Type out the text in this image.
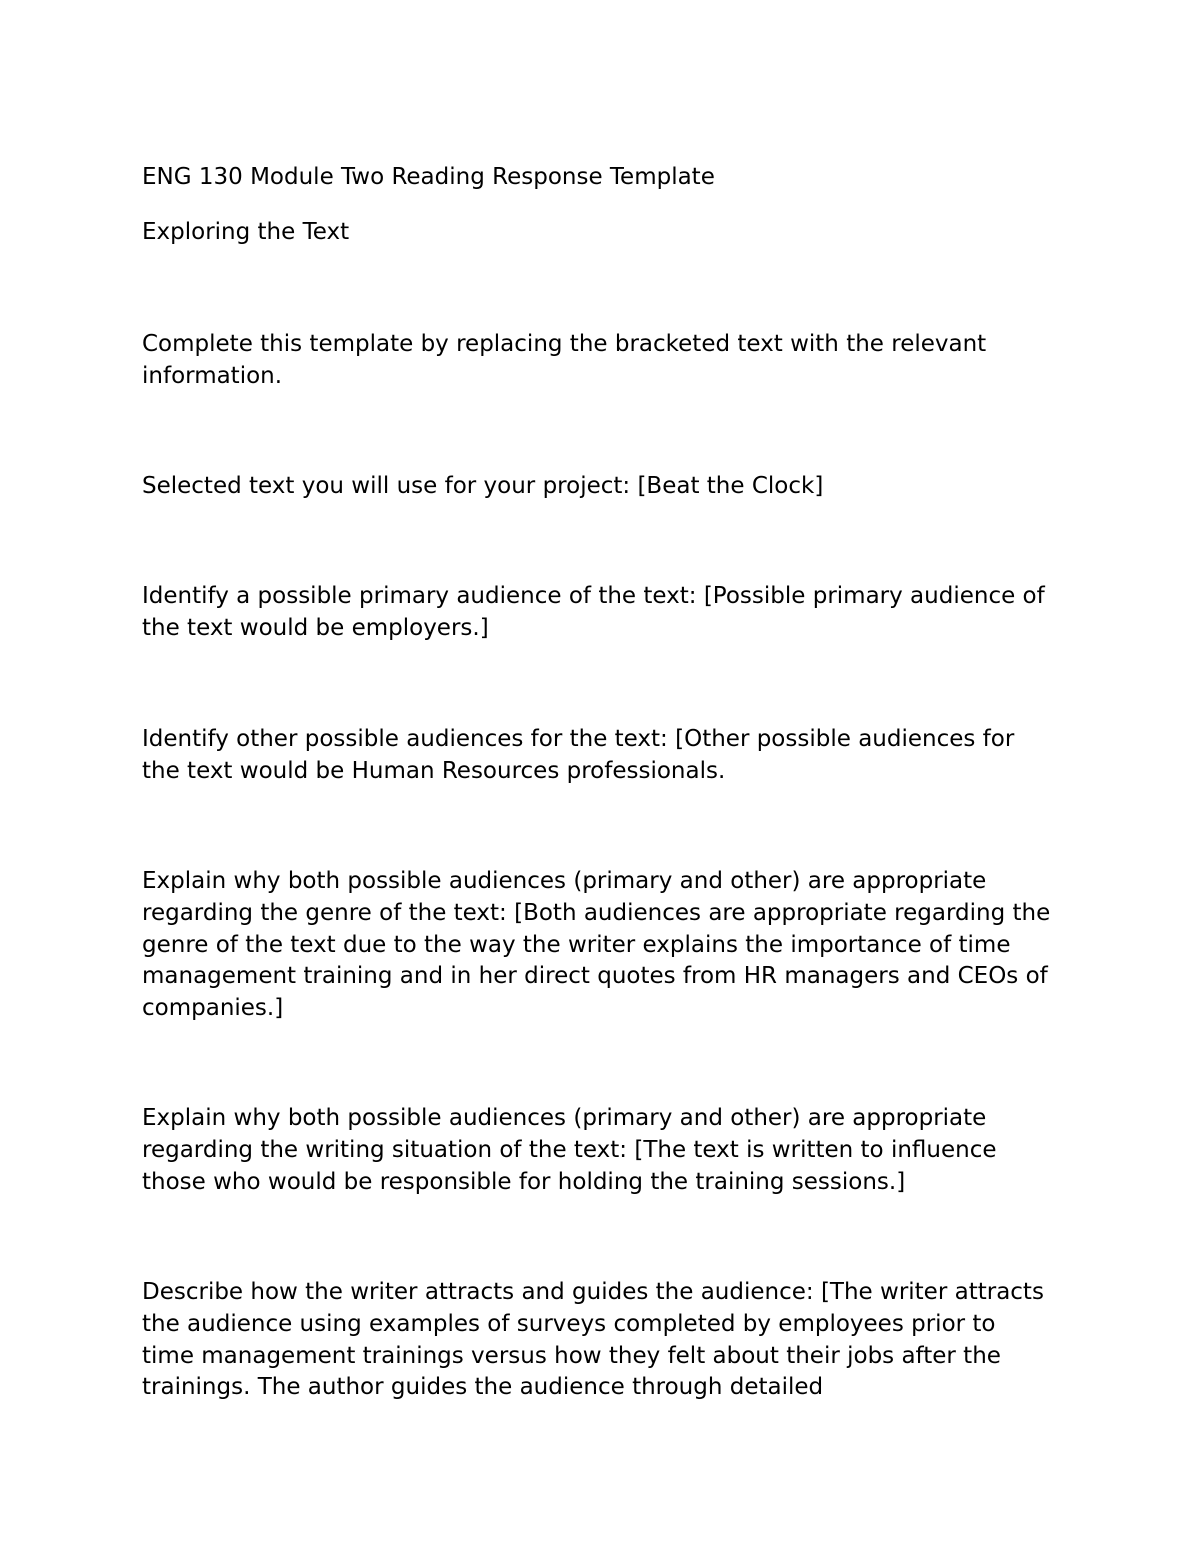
ENG 130 Module Two Reading Response Template

Exploring the Text

Complete this template by replacing the bracketed text with the relevant information.

Selected text you will use for your project: [Beat the Clock]

Identify a possible primary audience of the text: [Possible primary audience of the text would be employers.]

Identify other possible audiences for the text: [Other possible audiences for the text would be Human Resources professionals.

Explain why both possible audiences (primary and other) are appropriate regarding the genre of the text: [Both audiences are appropriate regarding the genre of the text due to the way the writer explains the importance of time management training and in her direct quotes from HR managers and CEOs of companies.]

Explain why both possible audiences (primary and other) are appropriate regarding the writing situation of the text: [The text is written to influence those who would be responsible for holding the training sessions.]

Describe how the writer attracts and guides the audience: [The writer attracts the audience using examples of surveys completed by employees prior to time management trainings versus how they felt about their jobs after the trainings. The author guides the audience through detailed
